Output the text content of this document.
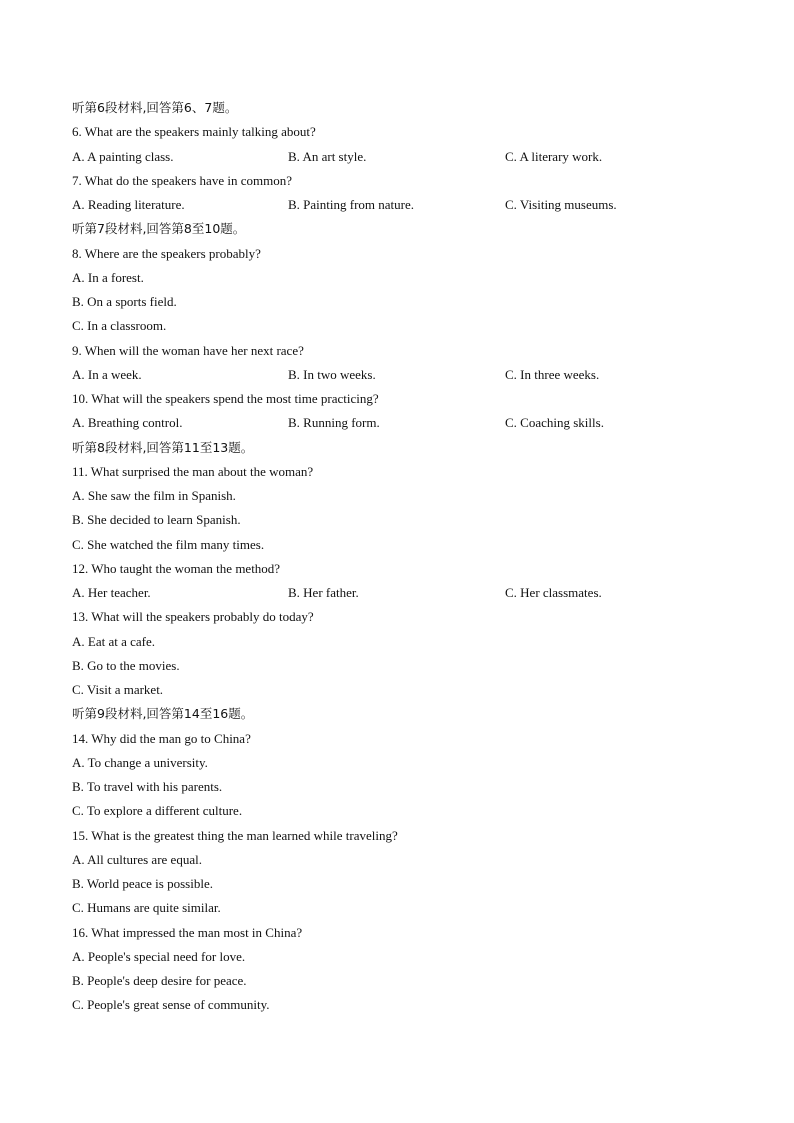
听第6段材料,回答第6、7题。
6. What are the speakers mainly talking about?
A. A painting class.	B. An art style.	C. A literary work.
7. What do the speakers have in common?
A. Reading literature.	B. Painting from nature.	C. Visiting museums.
听第7段材料,回答第8至10题。
8. Where are the speakers probably?
A. In a forest.
B. On a sports field.
C. In a classroom.
9. When will the woman have her next race?
A. In a week.	B. In two weeks.	C. In three weeks.
10. What will the speakers spend the most time practicing?
A. Breathing control.	B. Running form.	C. Coaching skills.
听第8段材料,回答第11至13题。
11. What surprised the man about the woman?
A. She saw the film in Spanish.
B. She decided to learn Spanish.
C. She watched the film many times.
12. Who taught the woman the method?
A. Her teacher.	B. Her father.	C. Her classmates.
13. What will the speakers probably do today?
A. Eat at a cafe.
B. Go to the movies.
C. Visit a market.
听第9段材料,回答第14至16题。
14. Why did the man go to China?
A. To change a university.
B. To travel with his parents.
C. To explore a different culture.
15. What is the greatest thing the man learned while traveling?
A. All cultures are equal.
B. World peace is possible.
C. Humans are quite similar.
16. What impressed the man most in China?
A. People's special need for love.
B. People's deep desire for peace.
C. People's great sense of community.
